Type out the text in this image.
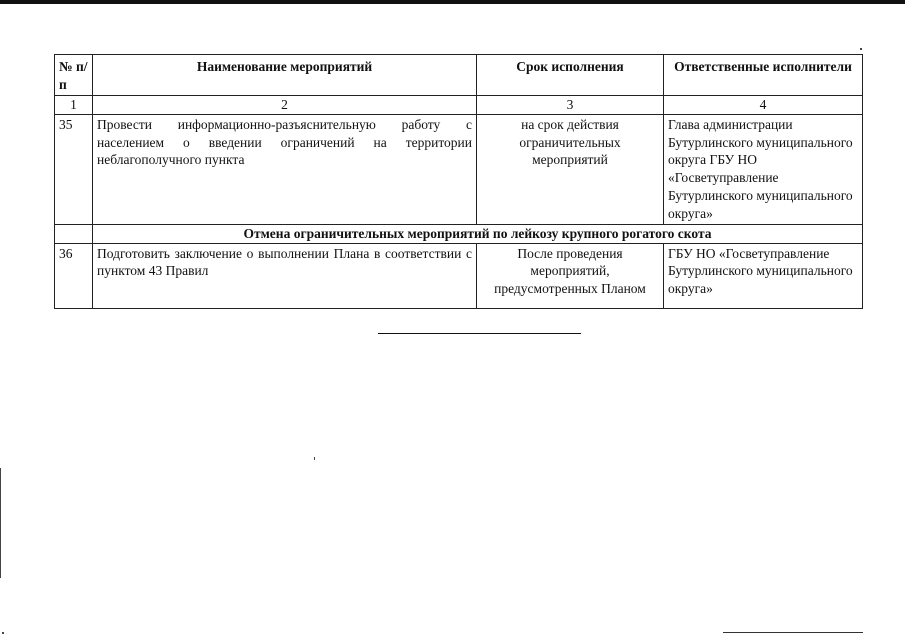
№ п/п	Наименование мероприятий	Срок исполнения	Ответственные исполнители
1	2	3	4
35	Провести информационно-разъяснительную работу с населением о введении ограничений на территории неблагополучного пункта	на срок действия ограничительных мероприятий	Глава администрации Бутурлинского муниципального округа ГБУ НО «Госветуправление Бутурлинского муниципального округа»
	Отмена ограничительных мероприятий по лейкозу крупного рогатого скота		
36	Подготовить заключение о выполнении Плана в соответствии с пунктом 43 Правил	После проведения мероприятий, предусмотренных Планом	ГБУ НО «Госветуправление Бутурлинского муниципального округа»
